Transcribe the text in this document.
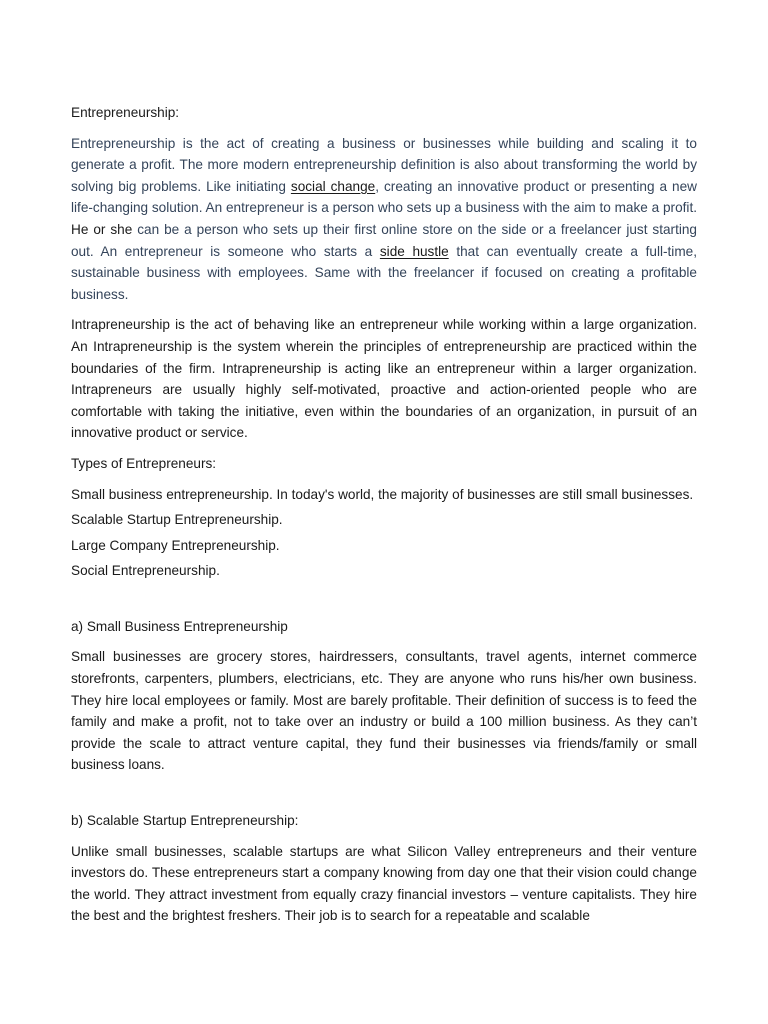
Entrepreneurship:

Entrepreneurship is the act of creating a business or businesses while building and scaling it to generate a profit. The more modern entrepreneurship definition is also about transforming the world by solving big problems. Like initiating social change, creating an innovative product or presenting a new life-changing solution. An entrepreneur is a person who sets up a business with the aim to make a profit. He or she can be a person who sets up their first online store on the side or a freelancer just starting out. An entrepreneur is someone who starts a side hustle that can eventually create a full-time, sustainable business with employees. Same with the freelancer if focused on creating a profitable business.

Intrapreneurship is the act of behaving like an entrepreneur while working within a large organization. An Intrapreneurship is the system wherein the principles of entrepreneurship are practiced within the boundaries of the firm. Intrapreneurship is acting like an entrepreneur within a larger organization. Intrapreneurs are usually highly self-motivated, proactive and action-oriented people who are comfortable with taking the initiative, even within the boundaries of an organization, in pursuit of an innovative product or service.

Types of Entrepreneurs:

Small business entrepreneurship. In today's world, the majority of businesses are still small businesses.

Scalable Startup Entrepreneurship.

Large Company Entrepreneurship.

Social Entrepreneurship.

a) Small Business Entrepreneurship

Small businesses are grocery stores, hairdressers, consultants, travel agents, internet commerce storefronts, carpenters, plumbers, electricians, etc. They are anyone who runs his/her own business. They hire local employees or family. Most are barely profitable. Their definition of success is to feed the family and make a profit, not to take over an industry or build a 100 million business. As they can’t provide the scale to attract venture capital, they fund their businesses via friends/family or small business loans.

b) Scalable Startup Entrepreneurship:

Unlike small businesses, scalable startups are what Silicon Valley entrepreneurs and their venture investors do. These entrepreneurs start a company knowing from day one that their vision could change the world. They attract investment from equally crazy financial investors – venture capitalists. They hire the best and the brightest freshers. Their job is to search for a repeatable and scalable
